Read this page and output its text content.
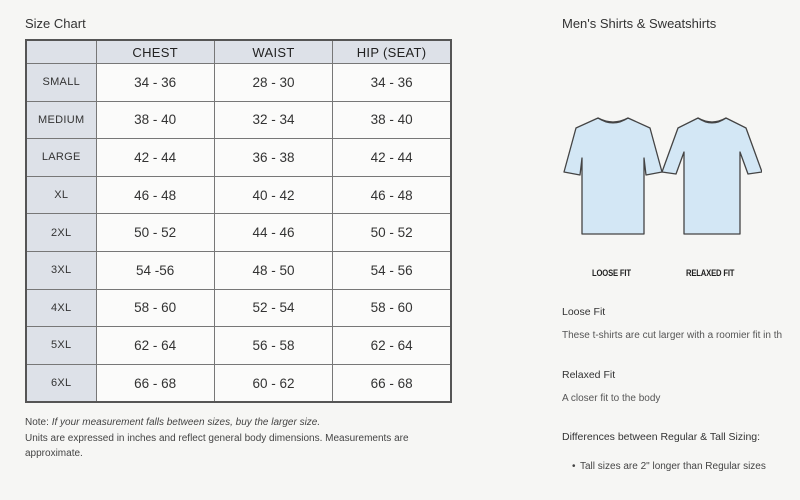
Size Chart
	CHEST	WAIST	HIP (SEAT)
SMALL	34 - 36	28 - 30	34 - 36
MEDIUM	38 - 40	32 - 34	38 - 40
LARGE	42 - 44	36 - 38	42 - 44
XL	46 - 48	40 - 42	46 - 48
2XL	50 - 52	44 - 46	50 - 52
3XL	54 -56	48 - 50	54 - 56
4XL	58 - 60	52 - 54	58 - 60
5XL	62 - 64	56 - 58	62 - 64
6XL	66 - 68	60 - 62	66 - 68
Note: If your measurement falls between sizes, buy the larger size.
Units are expressed in inches and reflect general body dimensions. Measurements are approximate.
Men's Shirts & Sweatshirts
LOOSE FIT	RELAXED FIT
Loose Fit
These t-shirts are cut larger with a roomier fit in th
Relaxed Fit
A closer fit to the body
Differences between Regular & Tall Sizing:
• Tall sizes are 2" longer than Regular sizes
